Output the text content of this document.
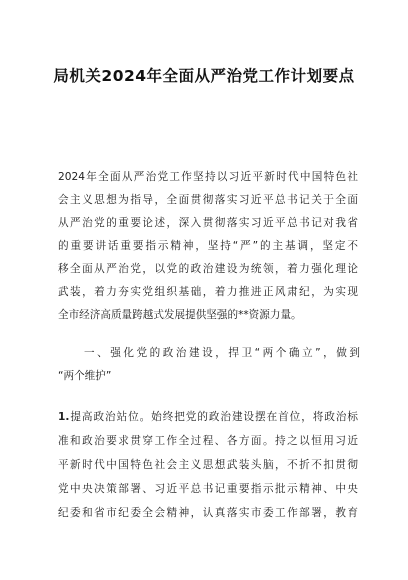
局机关2024年全面从严治党工作计划要点
2024年全面从严治党工作坚持以习近平新时代中国特色社
会主义思想为指导，全面贯彻落实习近平总书记关于全面
从严治党的重要论述，深入贯彻落实习近平总书记对我省
的重要讲话重要指示精神，坚持“严”的主基调，坚定不
移全面从严治党，以党的政治建设为统领，着力强化理论
武装，着力夯实党组织基础，着力推进正风肃纪，为实现
全市经济高质量跨越式发展提供坚强的**资源力量。
一、强化党的政治建设，捍卫“两个确立”，做到
“两个维护”
1.提高政治站位。始终把党的政治建设摆在首位，将政治标
准和政治要求贯穿工作全过程、各方面。持之以恒用习近
平新时代中国特色社会主义思想武装头脑，不折不扣贯彻
党中央决策部署、习近平总书记重要指示批示精神、中央
纪委和省市纪委全会精神，认真落实市委工作部署，教育
